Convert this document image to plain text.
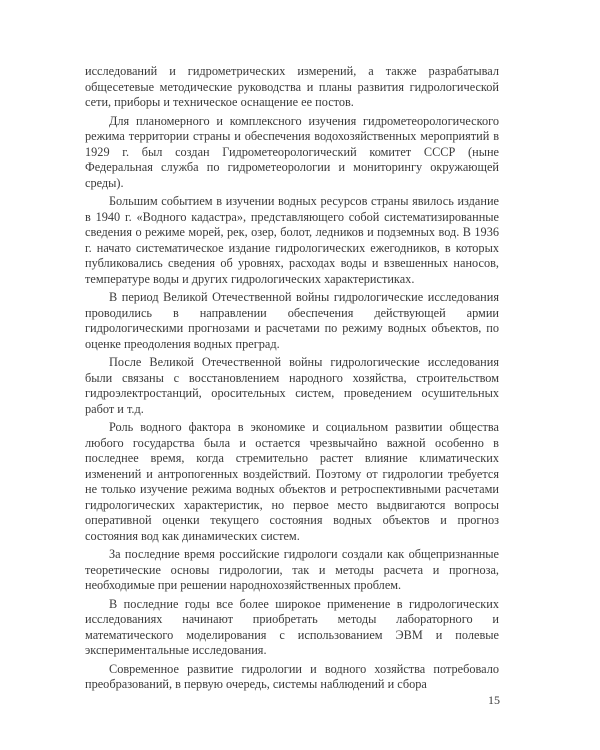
исследований и гидрометрических измерений, а также разрабатывал общесетевые методические руководства и планы развития гидрологической сети, приборы и техническое оснащение ее постов.

Для планомерного и комплексного изучения гидрометеорологического режима территории страны и обеспечения водохозяйственных мероприятий в 1929 г. был создан Гидрометеорологический комитет СССР (ныне Федеральная служба по гидрометеорологии и мониторингу окружающей среды).

Большим событием в изучении водных ресурсов страны явилось издание в 1940 г. «Водного кадастра», представляющего собой систематизированные сведения о режиме морей, рек, озер, болот, ледников и подземных вод. В 1936 г. начато систематическое издание гидрологических ежегодников, в которых публиковались сведения об уровнях, расходах воды и взвешенных наносов, температуре воды и других гидрологических характеристиках.

В период Великой Отечественной войны гидрологические исследования проводились в направлении обеспечения действующей армии гидрологическими прогнозами и расчетами по режиму водных объектов, по оценке преодоления водных преград.

После Великой Отечественной войны гидрологические исследования были связаны с восстановлением народного хозяйства, строительством гидроэлектростанций, оросительных систем, проведением осушительных работ и т.д.

Роль водного фактора в экономике и социальном развитии общества любого государства была и остается чрезвычайно важной особенно в последнее время, когда стремительно растет влияние климатических изменений и антропогенных воздействий. Поэтому от гидрологии требуется не только изучение режима водных объектов и ретроспективными расчетами гидрологических характеристик, но первое место выдвигаются вопросы оперативной оценки текущего состояния водных объектов и прогноз состояния вод как динамических систем.

За последние время российские гидрологи создали как общепризнанные теоретические основы гидрологии, так и методы расчета и прогноза, необходимые при решении народнохозяйственных проблем.

В последние годы все более широкое применение в гидрологических исследованиях начинают приобретать методы лабораторного и математического моделирования с использованием ЭВМ и полевые экспериментальные исследования.

Современное развитие гидрологии и водного хозяйства потребовало преобразований, в первую очередь, системы наблюдений и сбора

15
